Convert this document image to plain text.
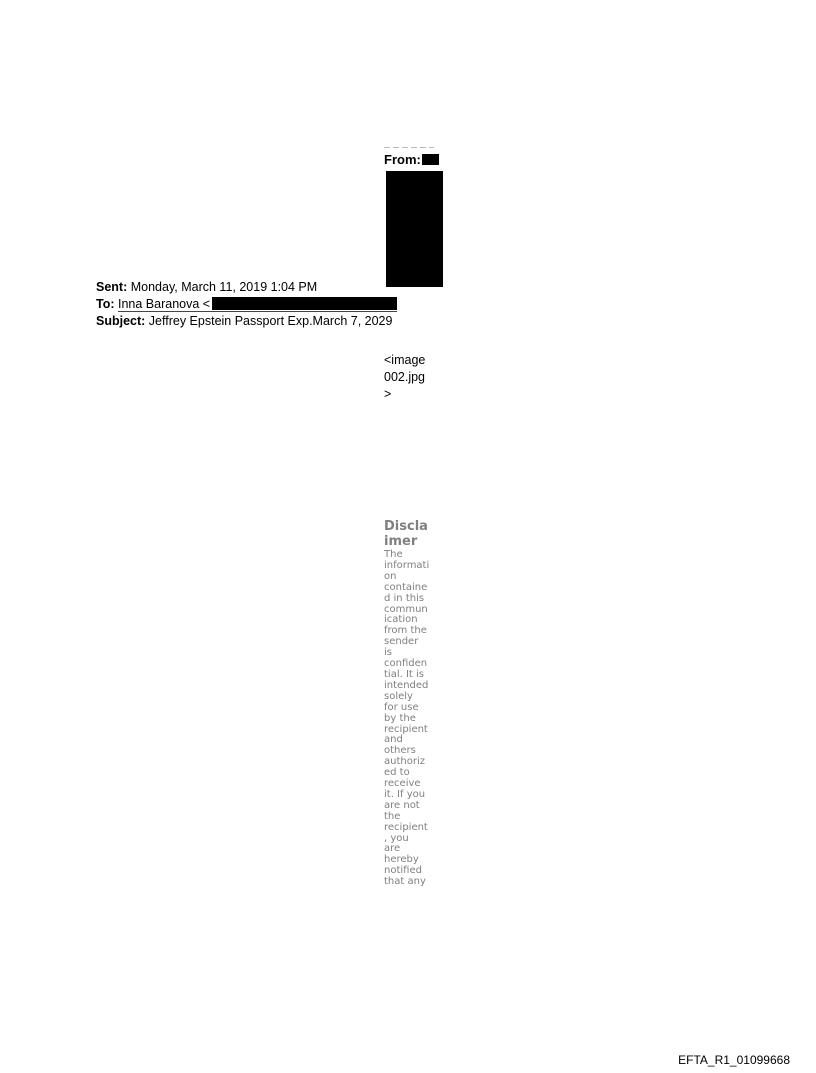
From:
Sent: Monday, March 11, 2019 1:04 PM
To: Inna Baranova <
Subject: Jeffrey Epstein Passport Exp.March 7, 2029
<image
002.jpg
>
Discla
imer
The
informati
on
containe
d in this
commun
ication
from the
sender
is
confiden
tial. It is
intended
solely
for use
by the
recipient
and
others
authoriz
ed to
receive
it. If you
are not
the
recipient
, you
are
hereby
notified
that any
EFTA_R1_01099668
